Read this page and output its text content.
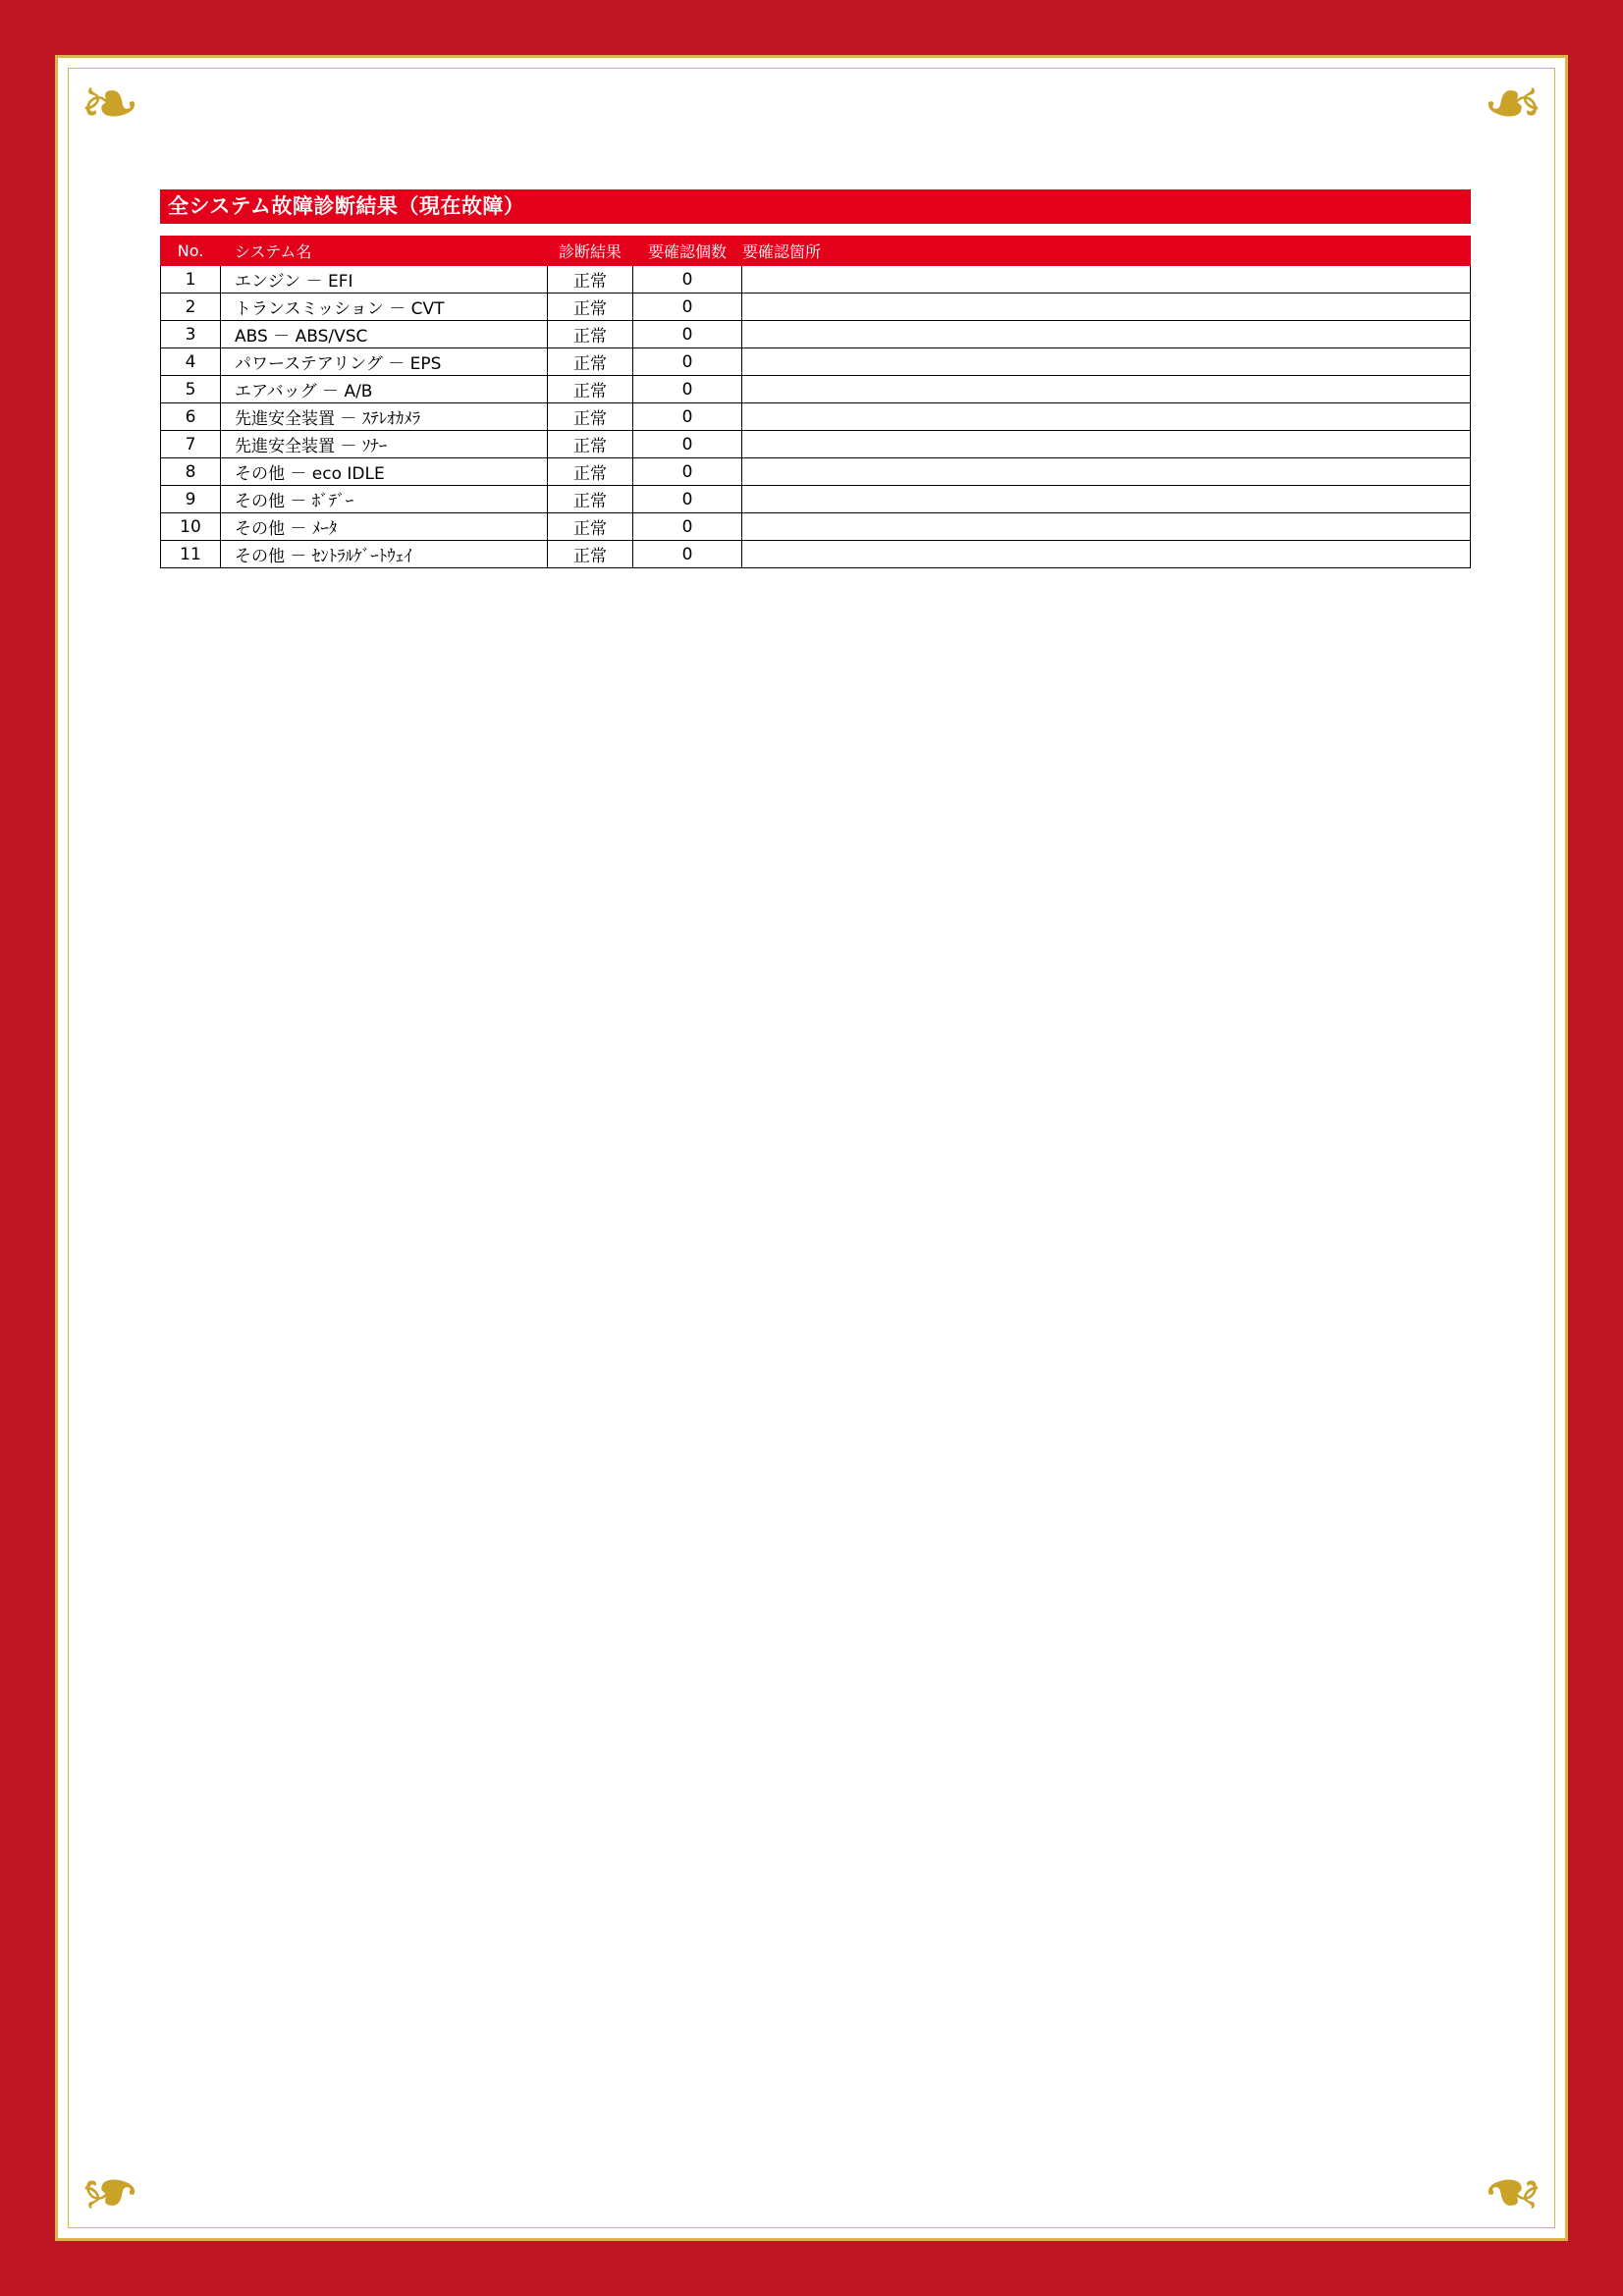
❧	❧
❧	❧
全システム故障診断結果（現在故障）
No.	システム名	診断結果	要確認個数	要確認箇所
1	エンジン － EFI	正常	0	
2	トランスミッション － CVT	正常	0	
3	ABS － ABS/VSC	正常	0	
4	パワーステアリング － EPS	正常	0	
5	エアバッグ － A/B	正常	0	
6	先進安全装置 － ｽﾃﾚｵｶﾒﾗ	正常	0	
7	先進安全装置 － ｿﾅｰ	正常	0	
8	その他 － eco IDLE	正常	0	
9	その他 － ﾎﾞﾃﾞｰ	正常	0	
10	その他 － ﾒｰﾀ	正常	0	
11	その他 － ｾﾝﾄﾗﾙｹﾞｰﾄｳｪｲ	正常	0	
